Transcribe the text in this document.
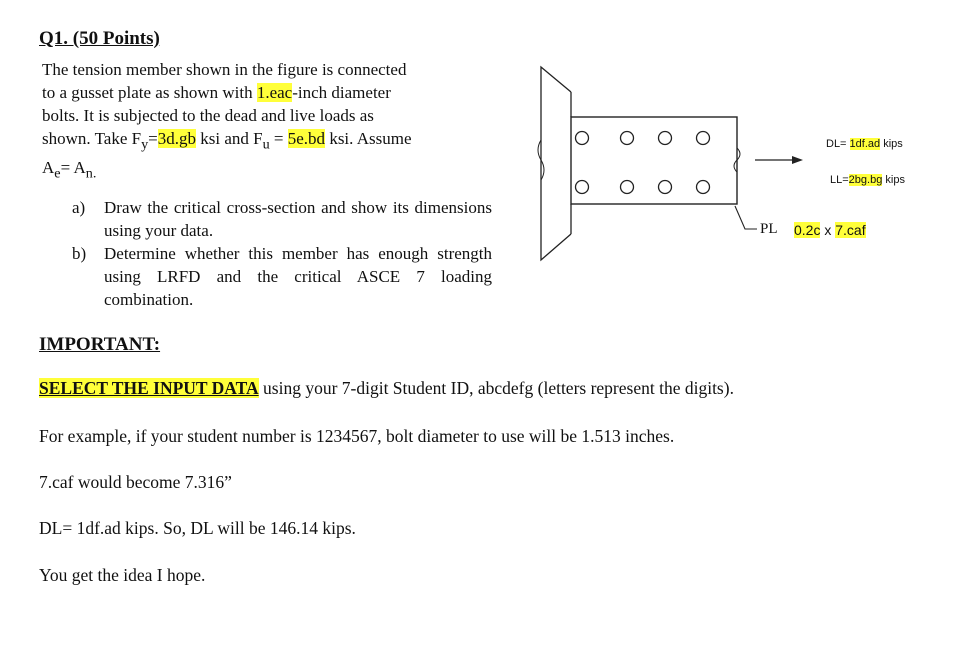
Q1. (50 Points)
The tension member shown in the figure is connected
to a gusset plate as shown with 1.eac-inch diameter
bolts. It is subjected to the dead and live loads as
shown. Take $F_y=3d.gb$ ksi and $F_u = 5e.bd$ ksi. Assume
$A_e= A_{n.}$
a)	Draw the critical cross-section and show its dimensions using your data.
b)	Determine whether this member has enough strength using LRFD and the critical ASCE 7 loading combination.
DL= 1df.ad kips
LL=2bg.bg kips
PL 0.2c x 7.caf
IMPORTANT:
SELECT THE INPUT DATA using your 7-digit Student ID, abcdefg (letters represent the digits).
For example, if your student number is 1234567, bolt diameter to use will be 1.513 inches.
7.caf would become 7.316”
DL= 1df.ad kips. So, DL will be 146.14 kips.
You get the idea I hope.
